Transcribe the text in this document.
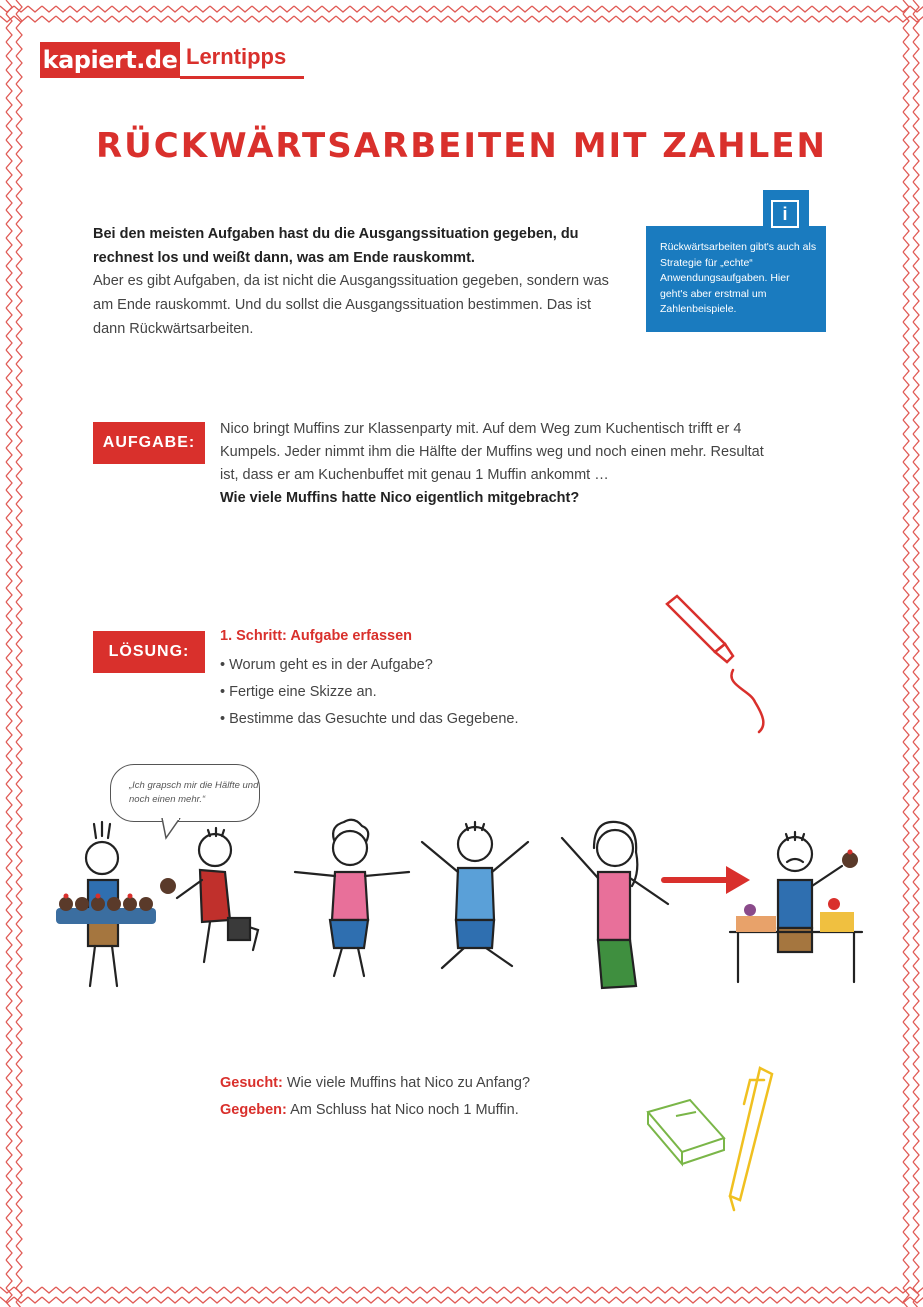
kapiert.de Lerntipps
RÜCKWÄRTSARBEITEN MIT ZAHLEN
Bei den meisten Aufgaben hast du die Ausgangssituation gegeben, du rechnest los und weißt dann, was am Ende rauskommt.
Aber es gibt Aufgaben, da ist nicht die Ausgangssituation gegeben, sondern was am Ende rauskommt. Und du sollst die Ausgangssituation bestimmen. Das ist dann Rückwärtsarbeiten.
i
Rückwärtsarbeiten gibt's auch als Strategie für „echte“ Anwendungsaufgaben. Hier geht's aber erstmal um Zahlenbeispiele.
AUFGABE:
Nico bringt Muffins zur Klassenparty mit. Auf dem Weg zum Kuchentisch trifft er 4 Kumpels. Jeder nimmt ihm die Hälfte der Muffins weg und noch einen mehr. Resultat ist, dass er am Kuchenbuffet mit genau 1 Muffin ankommt …
Wie viele Muffins hatte Nico eigentlich mitgebracht?
LÖSUNG:
1. Schritt: Aufgabe erfassen
• Worum geht es in der Aufgabe?
• Fertige eine Skizze an.
• Bestimme das Gesuchte und das Gegebene.
„Ich grapsch mir die Hälfte und noch einen mehr.“
Gesucht: Wie viele Muffins hat Nico zu Anfang?
Gegeben: Am Schluss hat Nico noch 1 Muffin.
